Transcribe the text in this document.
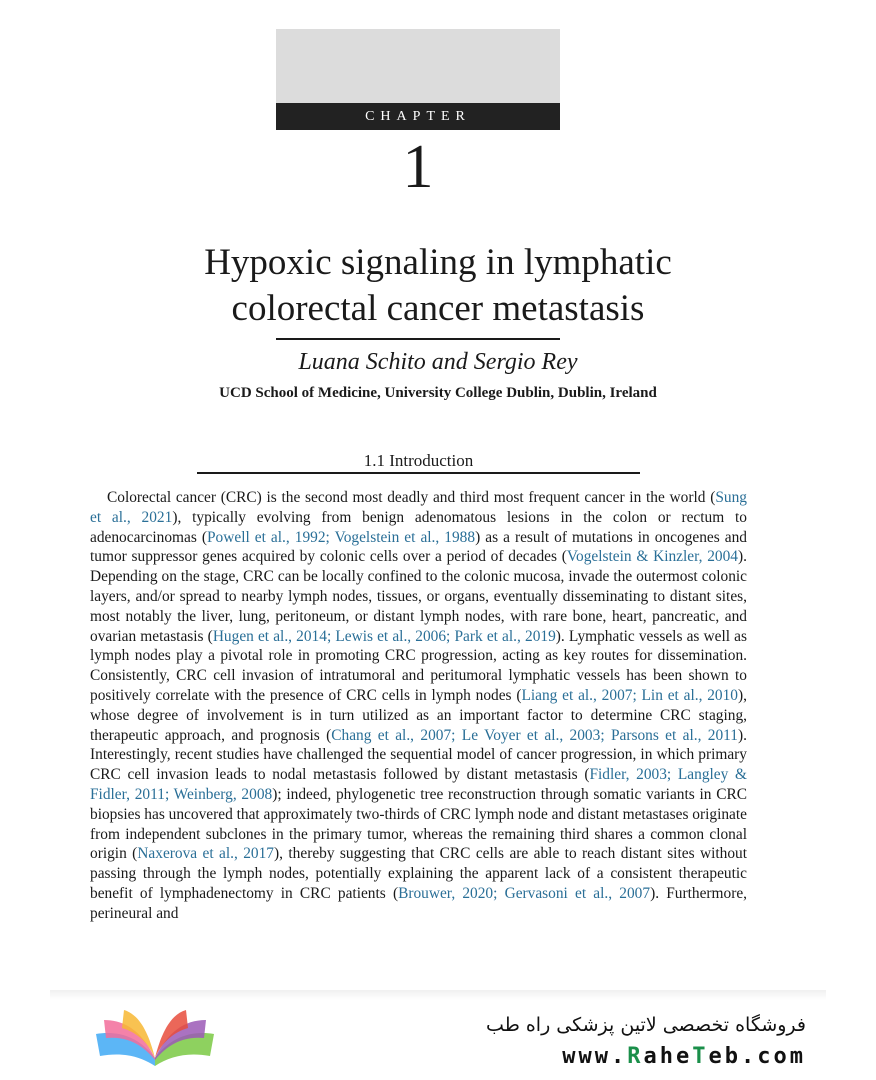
CHAPTER
1
Hypoxic signaling in lymphatic
colorectal cancer metastasis
Luana Schito and Sergio Rey
UCD School of Medicine, University College Dublin, Dublin, Ireland
1.1 Introduction

Colorectal cancer (CRC) is the second most deadly and third most frequent cancer in the world (Sung et al., 2021), typically evolving from benign adenomatous lesions in the colon or rectum to adenocarcinomas (Powell et al., 1992; Vogelstein et al., 1988) as a result of mutations in oncogenes and tumor suppressor genes acquired by colonic cells over a period of decades (Vogelstein & Kinzler, 2004). Depending on the stage, CRC can be locally confined to the colonic mucosa, invade the outermost colonic layers, and/or spread to nearby lymph nodes, tissues, or organs, eventually disseminating to distant sites, most notably the liver, lung, peritoneum, or distant lymph nodes, with rare bone, heart, pancreatic, and ovarian metastasis (Hugen et al., 2014; Lewis et al., 2006; Park et al., 2019). Lymphatic vessels as well as lymph nodes play a pivotal role in promoting CRC progression, acting as key routes for dissemination. Consistently, CRC cell invasion of intratumoral and peritumoral lymphatic vessels has been shown to positively correlate with the presence of CRC cells in lymph nodes (Liang et al., 2007; Lin et al., 2010), whose degree of involvement is in turn utilized as an important factor to determine CRC staging, therapeutic approach, and prognosis (Chang et al., 2007; Le Voyer et al., 2003; Parsons et al., 2011). Interestingly, recent studies have challenged the sequential model of cancer progression, in which primary CRC cell invasion leads to nodal metastasis followed by distant metastasis (Fidler, 2003; Langley & Fidler, 2011; Weinberg, 2008); indeed, phylogenetic tree reconstruction through somatic variants in CRC biopsies has uncovered that approximately two-thirds of CRC lymph node and distant metastases originate from independent subclones in the primary tumor, whereas the remaining third shares a common clonal origin (Naxerova et al., 2017), thereby suggesting that CRC cells are able to reach distant sites without passing through the lymph nodes, potentially explaining the apparent lack of a consistent therapeutic benefit of lymphadenectomy in CRC patients (Brouwer, 2020; Gervasoni et al., 2007). Furthermore, perineural and

فروشگاه تخصصی لاتین پزشکی راه طب
www.RaheTeb.com
